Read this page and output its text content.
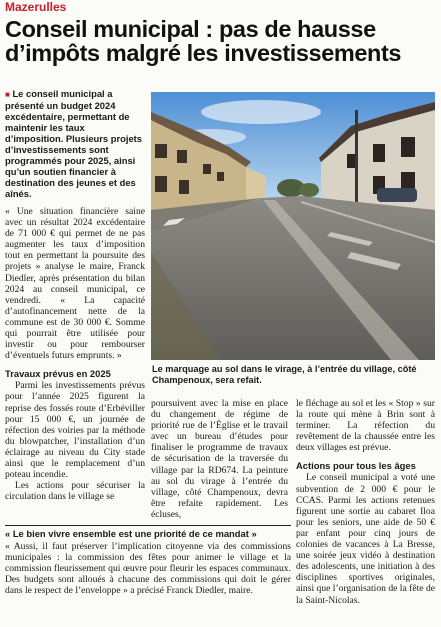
Mazerulles
Conseil municipal : pas de hausse d’impôts malgré les investissements

■ Le conseil municipal a présenté un budget 2024 excédentaire, permettant de maintenir les taux d’imposition. Plusieurs projets d’investissements sont programmés pour 2025, ainsi qu’un soutien financier à destination des jeunes et des aînés.

« Une situation financière saine avec un résultat 2024 excédentaire de 71 000 € qui permet de ne pas augmenter les taux d’imposition tout en permettant la poursuite des projets » analyse le maire, Franck Diedler, après présentation du bilan 2024 au conseil municipal, ce vendredi. « La capacité d’autofinancement nette de la commune est de 30 000 €. Somme qui pourrait être utilisée pour investir ou pour rembourser d’éventuels futurs emprunts. »

Travaux prévus en 2025

Parmi les investissements prévus pour l’année 2025 figurent la reprise des fossés route d’Erbéviller pour 15 000 €, un journée de réfection des voiries par la méthode du blowpatcher, l’installation d’un éclairage au niveau du City stade ainsi que le remplacement d’un poteau incendie.

Les actions pour sécuriser la circulation dans le village se

Le marquage au sol dans le virage, à l’entrée du village, côté Champenoux, sera refait.

poursuivent avec la mise en place du changement de régime de priorité rue de l’Église et le travail avec un bureau d’études pour finaliser le programme de travaux de sécurisation de la traversée du village par la RD674. La peinture au sol du virage à l’entrée du village, côté Champenoux, devra être refaite rapidement. Les écluses,

le fléchage au sol et les « Stop » sur la route qui mène à Brin sont à terminer. La réfection du revêtement de la chaussée entre les deux villages est prévue.

Actions pour tous les âges

Le conseil municipal a voté une subvention de 2 000 € pour le CCAS. Parmi les actions retenues figurent une sortie au cabaret Iloa pour les seniors, une aide de 50 € par enfant pour cinq jours de colonies de vacances à La Bresse, une soirée jeux vidéo à destination des adolescents, une initiation à des disciplines sportives originales, ainsi que l’organisation de la fête de la Saint-Nicolas.

« Le bien vivre ensemble est une priorité de ce mandat »

« Aussi, il faut préserver l’implication citoyenne via des commissions municipales : la commission des fêtes pour animer le village et la commission fleurissement qui œuvre pour fleurir les espaces communaux. Des budgets sont alloués à chacune des commissions qui doit le gérer dans le respect de l’enveloppe » a précisé Franck Diedler, maire.
